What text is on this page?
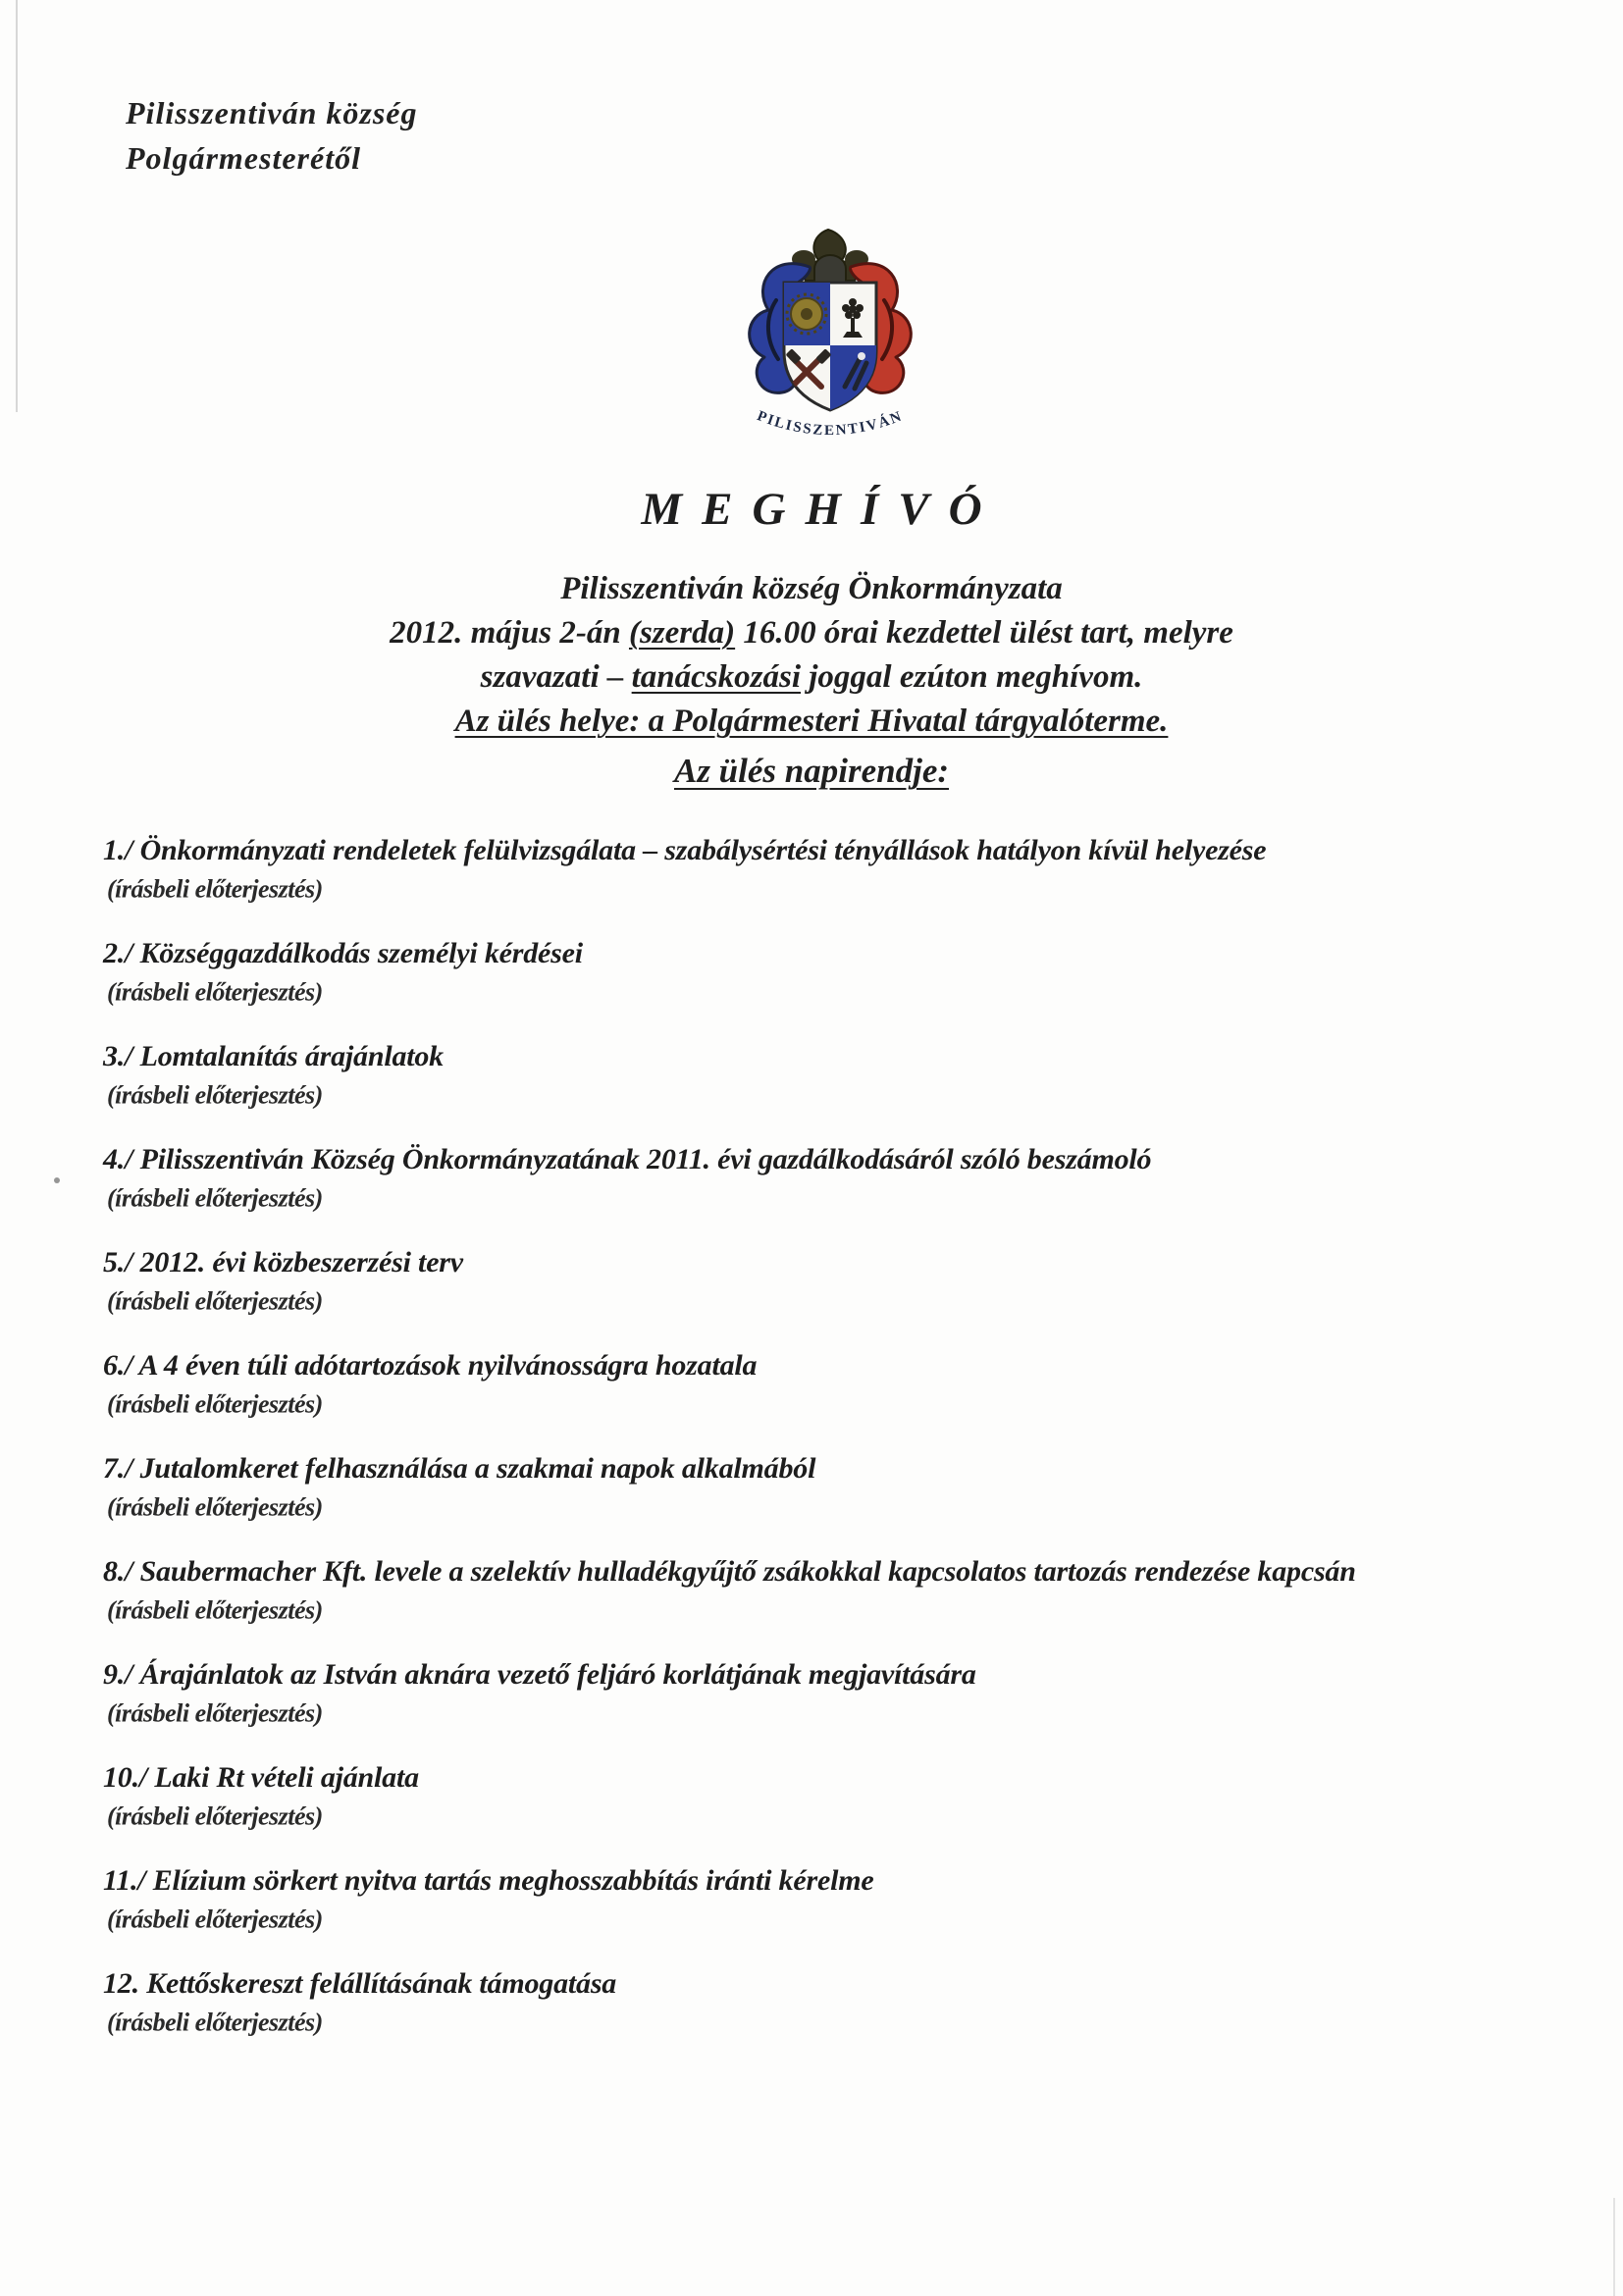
Pilisszentiván község
Polgármesterétől
PILISSZENTIVÁN
MEGHÍVÓ
Pilisszentiván község Önkormányzata
2012. május 2-án (szerda) 16.00 órai kezdettel ülést tart, melyre
szavazati – tanácskozási joggal ezúton meghívom.
Az ülés helye: a Polgármesteri Hivatal tárgyalóterme.
Az ülés napirendje:
1./ Önkormányzati rendeletek felülvizsgálata – szabálysértési tényállások hatályon kívül helyezése
(írásbeli előterjesztés)
2./ Községgazdálkodás személyi kérdései
(írásbeli előterjesztés)
3./ Lomtalanítás árajánlatok
(írásbeli előterjesztés)
4./ Pilisszentiván Község Önkormányzatának 2011. évi gazdálkodásáról szóló beszámoló
(írásbeli előterjesztés)
5./ 2012. évi közbeszerzési terv
(írásbeli előterjesztés)
6./ A 4 éven túli adótartozások nyilvánosságra hozatala
(írásbeli előterjesztés)
7./ Jutalomkeret felhasználása a szakmai napok alkalmából
(írásbeli előterjesztés)
8./ Saubermacher Kft. levele a szelektív hulladékgyűjtő zsákokkal kapcsolatos tartozás rendezése kapcsán
(írásbeli előterjesztés)
9./ Árajánlatok az István aknára vezető feljáró korlátjának megjavítására
(írásbeli előterjesztés)
10./ Laki Rt vételi ajánlata
(írásbeli előterjesztés)
11./ Elízium sörkert nyitva tartás meghosszabbítás iránti kérelme
(írásbeli előterjesztés)
12. Kettőskereszt felállításának támogatása
(írásbeli előterjesztés)
